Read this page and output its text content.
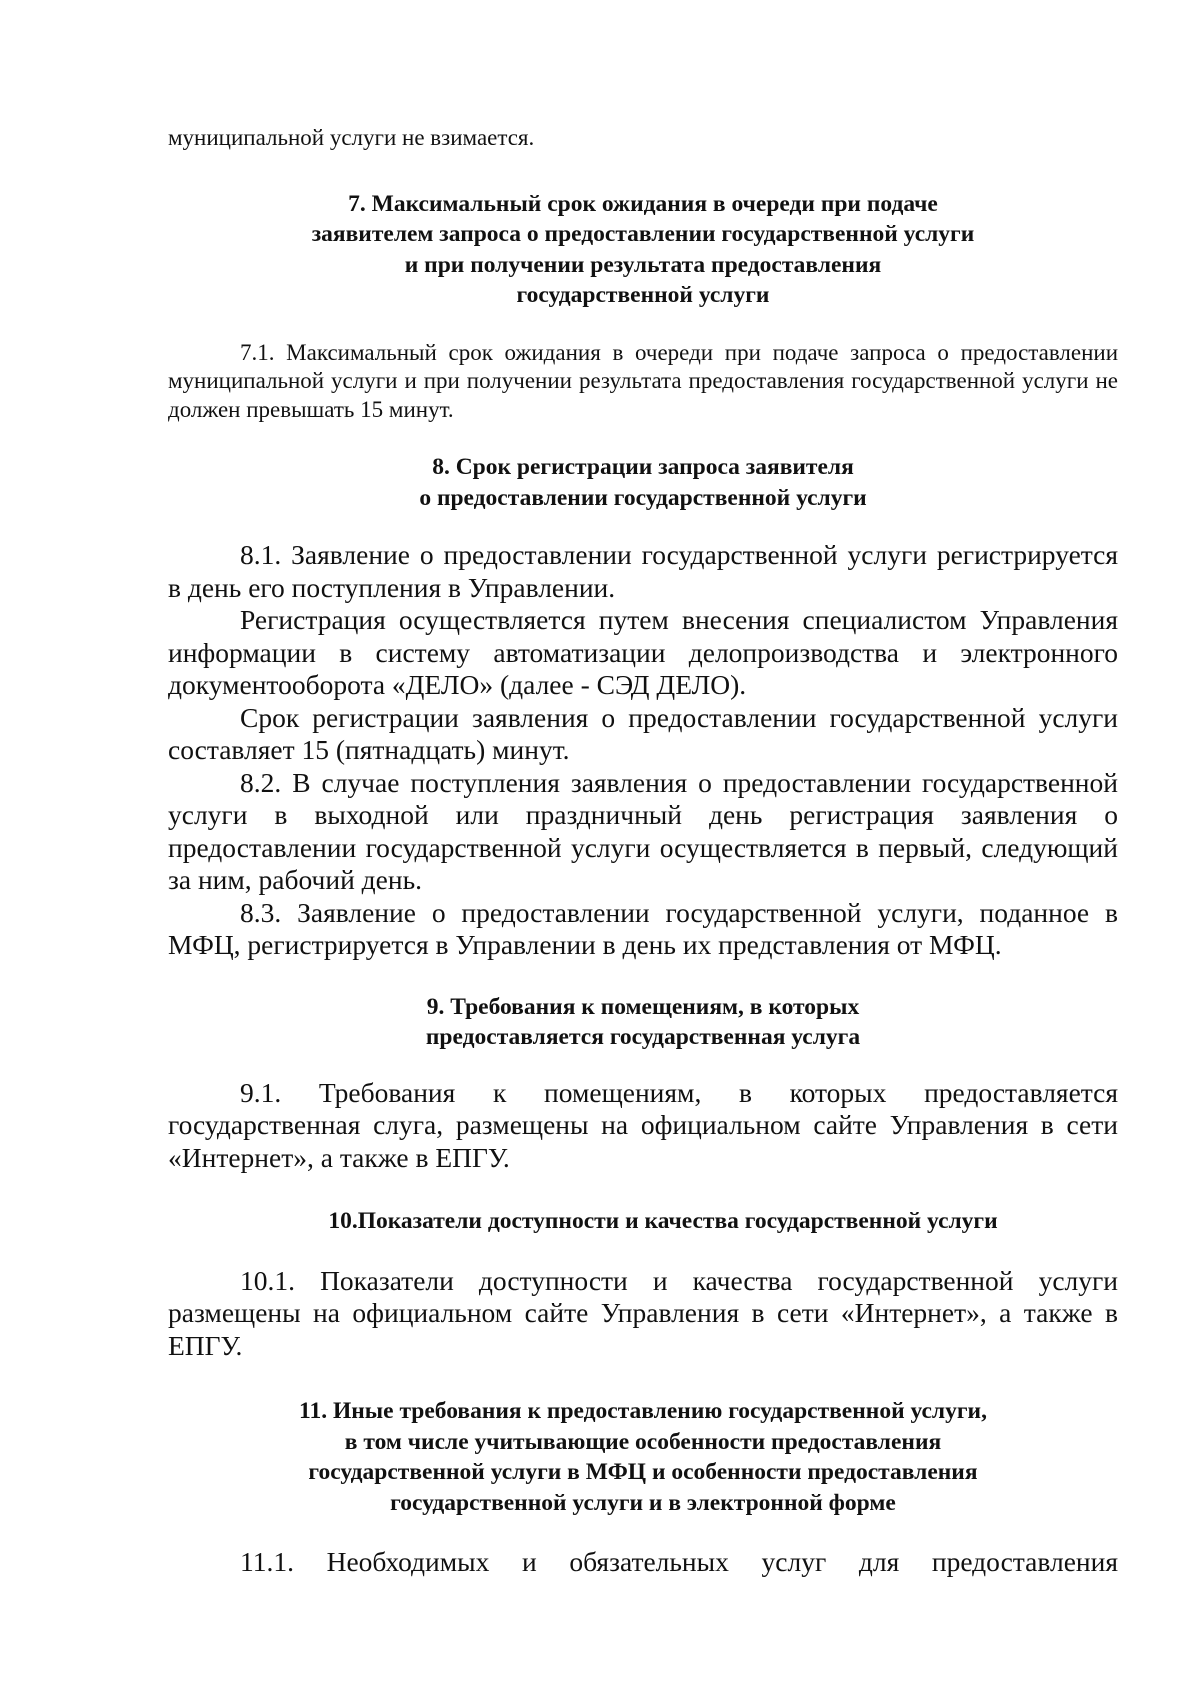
муниципальной услуги не взимается.

7. Максимальный срок ожидания в очереди при подаче
заявителем запроса о предоставлении государственной услуги
и при получении результата предоставления
государственной услуги

7.1. Максимальный срок ожидания в очереди при подаче запроса о предоставлении муниципальной услуги и при получении результата предоставления государственной услуги не должен превышать 15 минут.

8. Срок регистрации запроса заявителя
о предоставлении государственной услуги

8.1. Заявление о предоставлении государственной услуги регистрируется в день его поступления в Управлении.

Регистрация осуществляется путем внесения специалистом Управления информации в систему автоматизации делопроизводства и электронного документооборота «ДЕЛО» (далее - СЭД ДЕЛО).

Срок регистрации заявления о предоставлении государственной услуги составляет 15 (пятнадцать) минут.

8.2. В случае поступления заявления о предоставлении государственной услуги в выходной или праздничный день регистрация заявления о предоставлении государственной услуги осуществляется в первый, следующий за ним, рабочий день.

8.3. Заявление о предоставлении государственной услуги, поданное в МФЦ, регистрируется в Управлении в день их представления от МФЦ.

9. Требования к помещениям, в которых
предоставляется государственная услуга

9.1. Требования к помещениям, в которых предоставляется государственная слуга, размещены на официальном сайте Управления в сети «Интернет», а также в ЕПГУ.

10.Показатели доступности и качества государственной услуги

10.1. Показатели доступности и качества государственной услуги размещены на официальном сайте Управления в сети «Интернет», а также в ЕПГУ.

11. Иные требования к предоставлению государственной услуги,
в том числе учитывающие особенности предоставления
государственной услуги в МФЦ и особенности предоставления
государственной услуги и в электронной форме

11.1. Необходимых и обязательных услуг для предоставления
